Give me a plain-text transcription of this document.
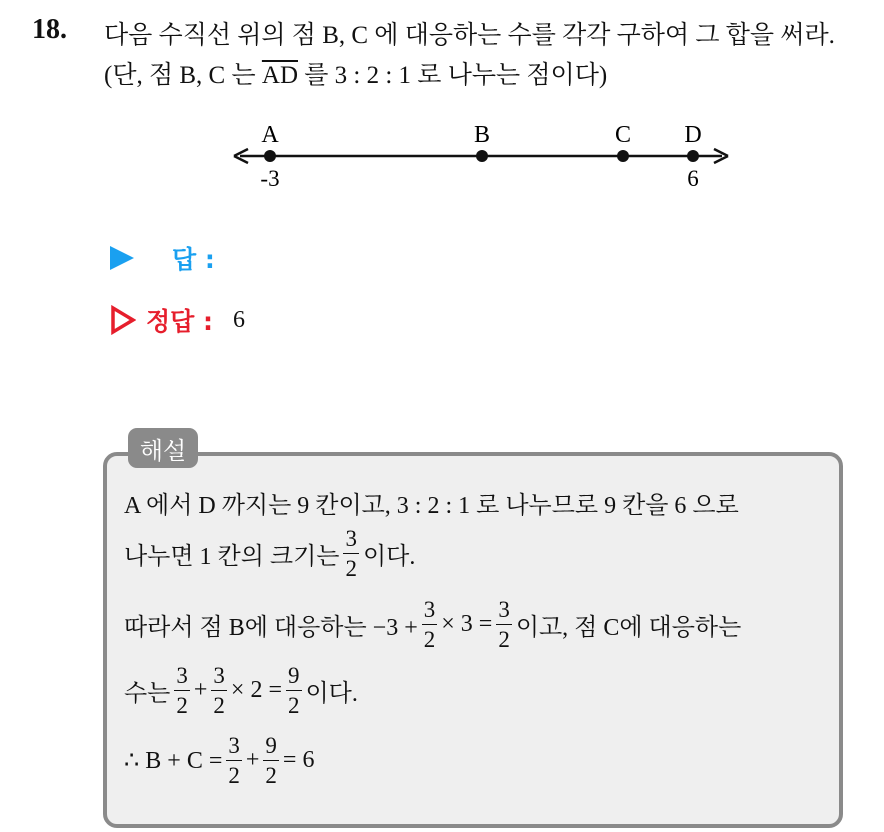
18. 다음 수직선 위의 점 B, C 에 대응하는 수를 각각 구하여 그 합을 써라.
(단, 점 B, C 는 $\overline{AD}$ 를 3 : 2 : 1 로 나누는 점이다)
A	B	C D
-3	6
답 :
정답 : 6
해설
A 에서 D 까지는 9 칸이고, 3 : 2 : 1 로 나누므로 9 칸을 6 으로
나누면 1 칸의 크기는 $\frac{3}{2}$ 이다.
따라서 점 B에 대응하는 $-3 + \frac{3}{2} \times 3 = \frac{3}{2}$ 이고, 점 C에 대응하는
수는 $\frac{3}{2} + \frac{3}{2} \times 2 = \frac{9}{2}$ 이다.
∴ $B + C = \frac{3}{2} + \frac{9}{2} = 6$
